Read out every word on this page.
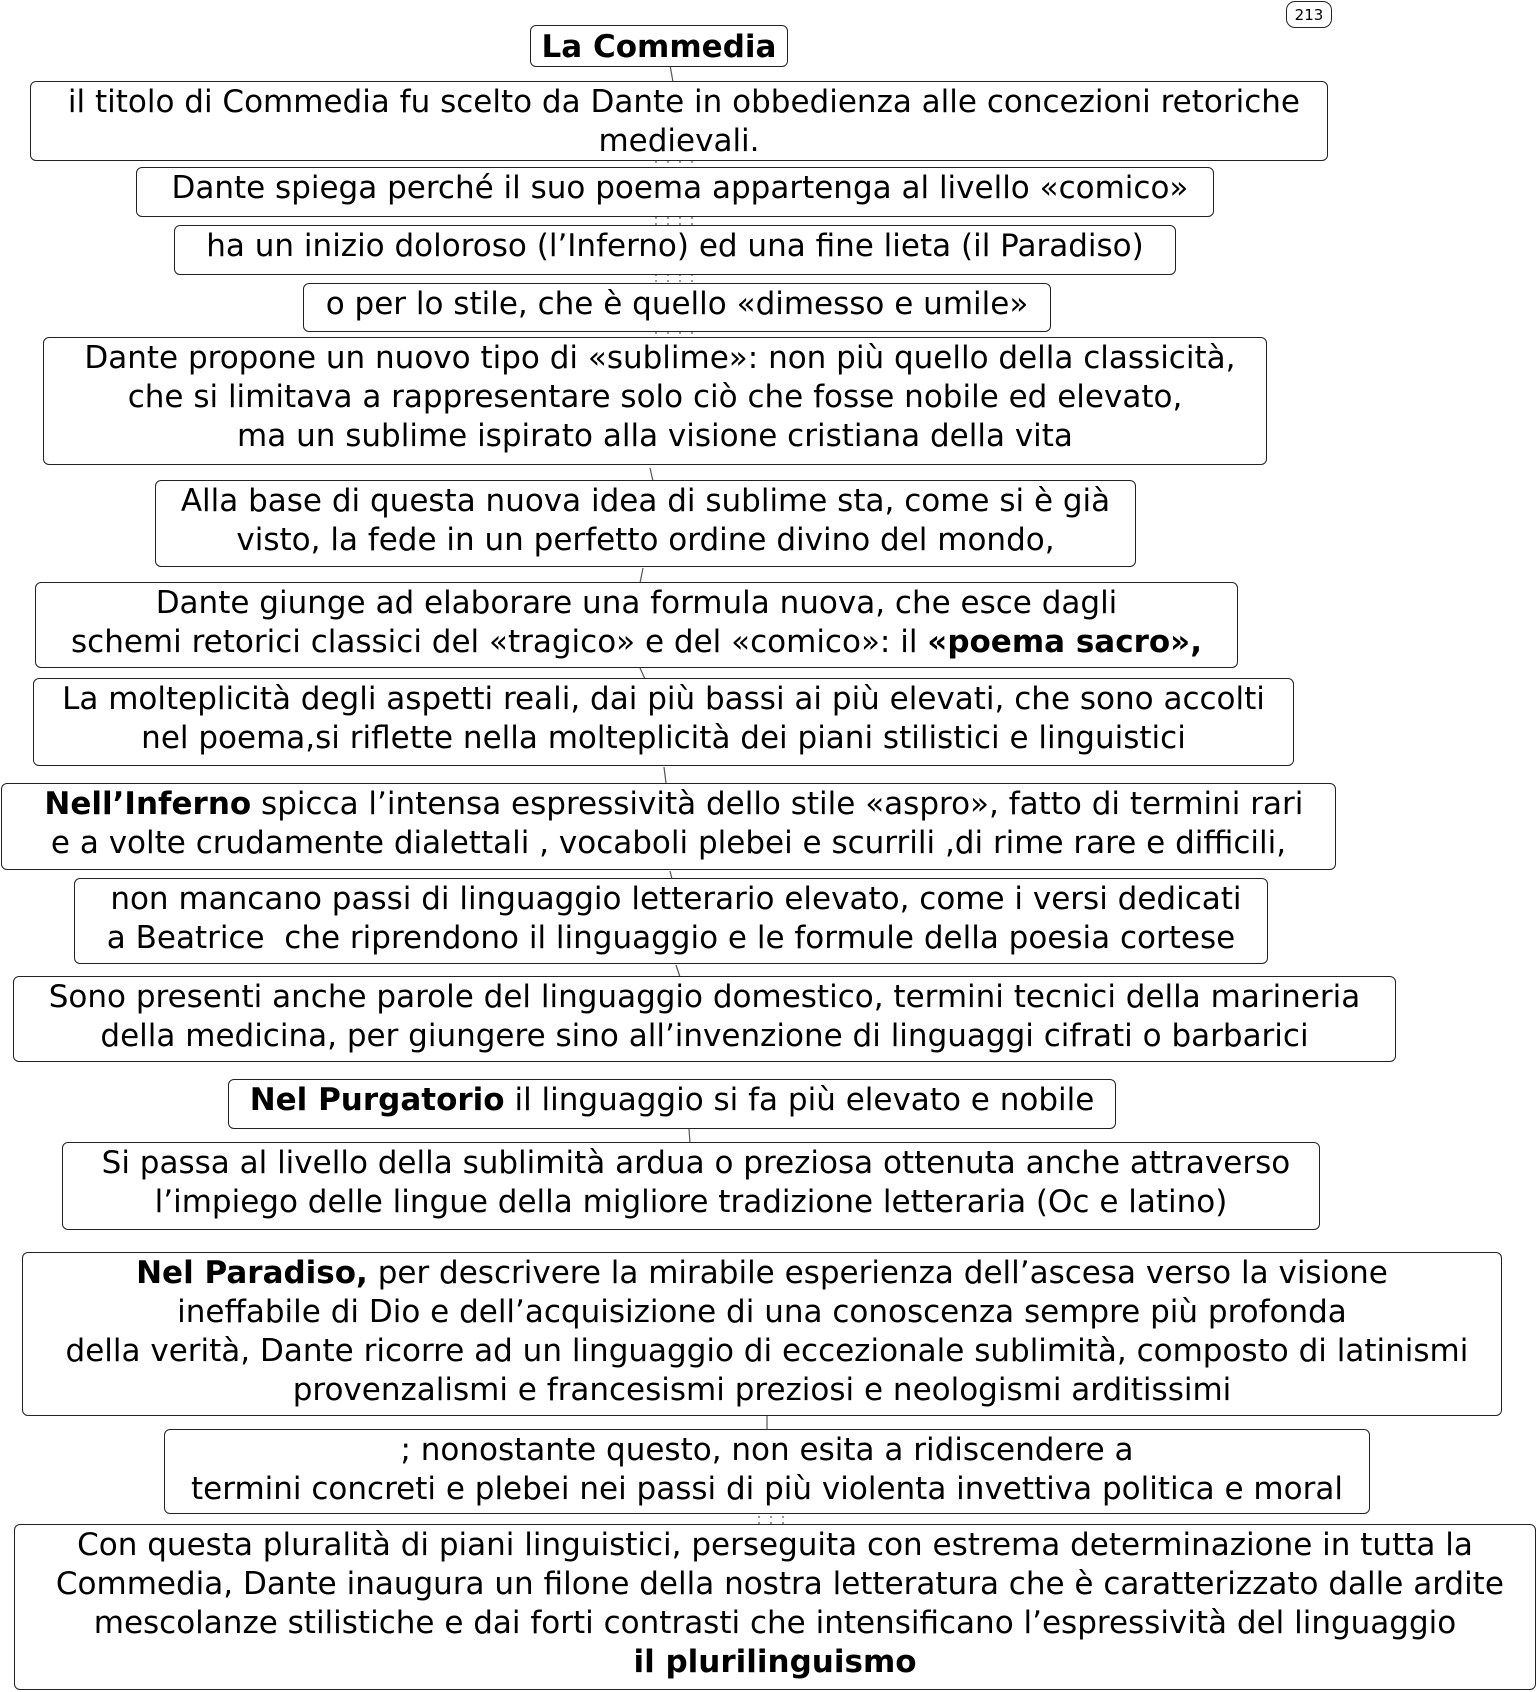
213
La Commedia
il titolo di Commedia fu scelto da Dante in obbedienza alle concezioni retoriche
medievali.
Dante spiega perché il suo poema appartenga al livello «comico»
ha un inizio doloroso (l’Inferno) ed una fine lieta (il Paradiso)
o per lo stile, che è quello «dimesso e umile»
Dante propone un nuovo tipo di «sublime»: non più quello della classicità,
che si limitava a rappresentare solo ciò che fosse nobile ed elevato,
ma un sublime ispirato alla visione cristiana della vita
Alla base di questa nuova idea di sublime sta, come si è già
visto, la fede in un perfetto ordine divino del mondo,
Dante giunge ad elaborare una formula nuova, che esce dagli
schemi retorici classici del «tragico» e del «comico»: il «poema sacro»,
La molteplicità degli aspetti reali, dai più bassi ai più elevati, che sono accolti
nel poema,si riflette nella molteplicità dei piani stilistici e linguistici
Nell’Inferno spicca l’intensa espressività dello stile «aspro», fatto di termini rari
e a volte crudamente dialettali , vocaboli plebei e scurrili ,di rime rare e difficili,
non mancano passi di linguaggio letterario elevato, come i versi dedicati
a Beatrice  che riprendono il linguaggio e le formule della poesia cortese
Sono presenti anche parole del linguaggio domestico, termini tecnici della marineria
della medicina, per giungere sino all’invenzione di linguaggi cifrati o barbarici
Nel Purgatorio il linguaggio si fa più elevato e nobile
Si passa al livello della sublimità ardua o preziosa ottenuta anche attraverso
l’impiego delle lingue della migliore tradizione letteraria (Oc e latino)
Nel Paradiso, per descrivere la mirabile esperienza dell’ascesa verso la visione
ineffabile di Dio e dell’acquisizione di una conoscenza sempre più profonda
della verità, Dante ricorre ad un linguaggio di eccezionale sublimità, composto di latinismi
provenzalismi e francesismi preziosi e neologismi arditissimi
; nonostante questo, non esita a ridiscendere a
termini concreti e plebei nei passi di più violenta invettiva politica e moral
Con questa pluralità di piani linguistici, perseguita con estrema determinazione in tutta la
Commedia, Dante inaugura un filone della nostra letteratura che è caratterizzato dalle ardite
mescolanze stilistiche e dai forti contrasti che intensificano l’espressività del linguaggio
il plurilinguismo
